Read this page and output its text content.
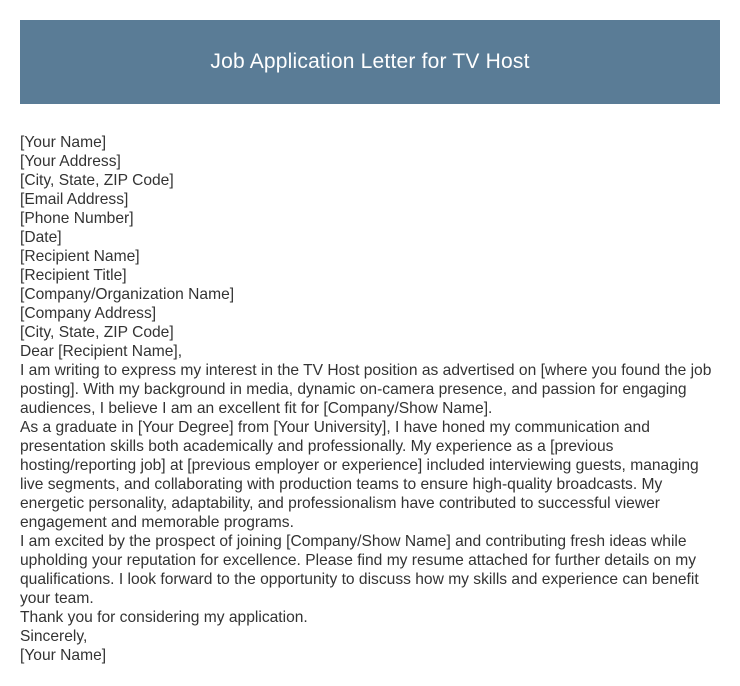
Job Application Letter for TV Host
[Your Name]
[Your Address]
[City, State, ZIP Code]
[Email Address]
[Phone Number]
[Date]
[Recipient Name]
[Recipient Title]
[Company/Organization Name]
[Company Address]
[City, State, ZIP Code]
Dear [Recipient Name],
I am writing to express my interest in the TV Host position as advertised on [where you found the job posting]. With my background in media, dynamic on-camera presence, and passion for engaging audiences, I believe I am an excellent fit for [Company/Show Name].
As a graduate in [Your Degree] from [Your University], I have honed my communication and presentation skills both academically and professionally. My experience as a [previous hosting/reporting job] at [previous employer or experience] included interviewing guests, managing live segments, and collaborating with production teams to ensure high-quality broadcasts. My energetic personality, adaptability, and professionalism have contributed to successful viewer engagement and memorable programs.
I am excited by the prospect of joining [Company/Show Name] and contributing fresh ideas while upholding your reputation for excellence. Please find my resume attached for further details on my qualifications. I look forward to the opportunity to discuss how my skills and experience can benefit your team.
Thank you for considering my application.
Sincerely,
[Your Name]
